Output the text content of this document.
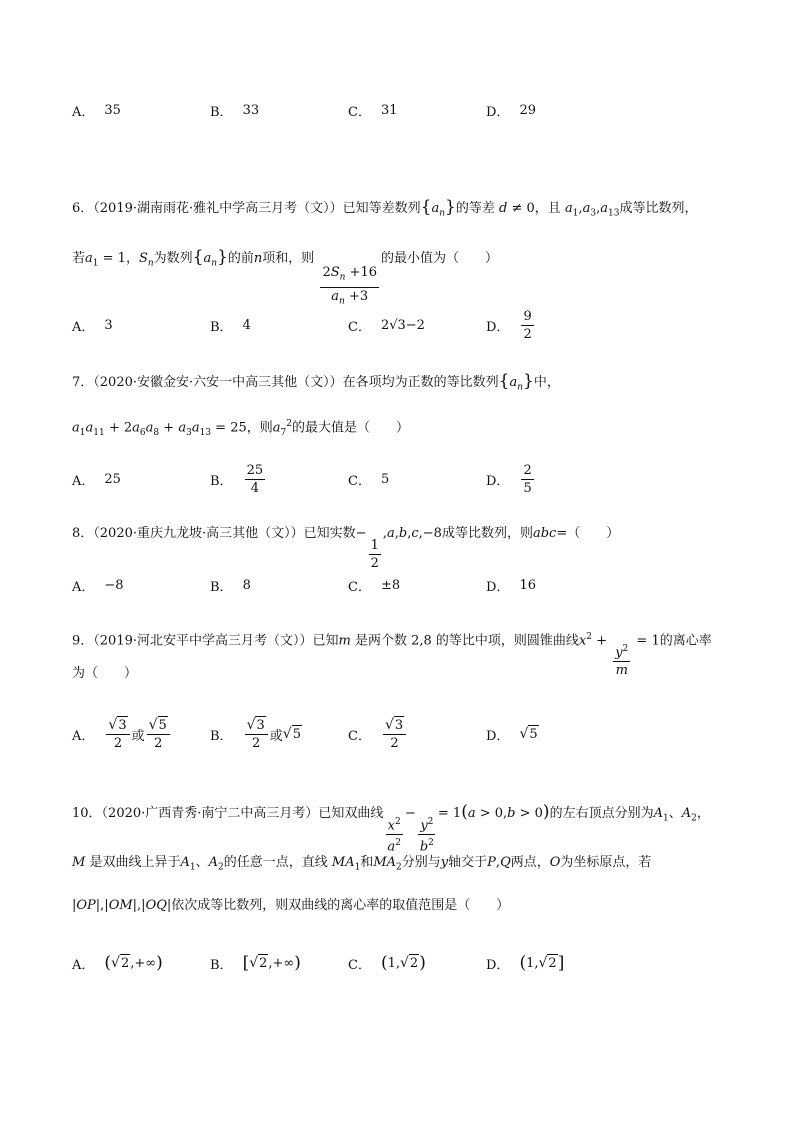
A． 35	B． 33	C． 31	D． 29
6．（2019·湖南雨花·雅礼中学高三月考（文））已知等差数列$\{a_n\}$的等差 d ≠ 0，且 $a_1,a_3,a_{13}$成等比数列，
若$a_1 = 1$，$S_n$为数列$\{a_n\}$的前n项和，则
$\frac{2S_n +16}{a_n +3}$
的最小值为（　　）
A． 3	B． 4	C． 2√3−2	D． $\frac{9}{2}$
7．（2020·安徽金安·六安一中高三其他（文））在各项均为正数的等比数列$\{a_n\}$中，
$a_1a_{11} + 2a_6a_8 + a_3a_{13} = 25$，则$a_7^2$的最大值是（　　）
A． 25	B． $\frac{25}{4}$	C． 5	D． $\frac{2}{5}$
8．（2020·重庆九龙坡·高三其他（文））已知实数−
$\frac{1}{2}$
,a,b,c,−8成等比数列，则abc=（　　）
A． −8	B． 8	C． ±8	D． 16
9．（2019·河北安平中学高三月考（文））已知m 是两个数 2,8 的等比中项，则圆锥曲线$x^2$ +
$\frac{y^2}{m}$
= 1的离心率
为（　　）
A． $\frac{√ 3}{2}$ 或 $\frac{√ 5}{2}$	B． $\frac{√ 3}{2}$ 或 √ 5	C． $\frac{√ 3}{2}$	D． √ 5
10．（2020·广西青秀·南宁二中高三月考）已知双曲线
$\frac{x^2}{a^2}$
−
$\frac{y^2}{b^2}$
= 1(a > 0,b > 0)的左右顶点分别为$A_1$、$A_2$，
M 是双曲线上异于$A_1$、$A_2$的任意一点，直线 $MA_1$和$MA_2$分别与y轴交于P,Q两点，O为坐标原点，若
|OP|,|OM|,|OQ|依次成等比数列，则双曲线的离心率的取值范围是（　　）
A． ( √ 2 ,+∞ )	B． [ √ 2 ,+∞ )	C． ( 1, √ 2 )	D． ( 1, √ 2 ]
